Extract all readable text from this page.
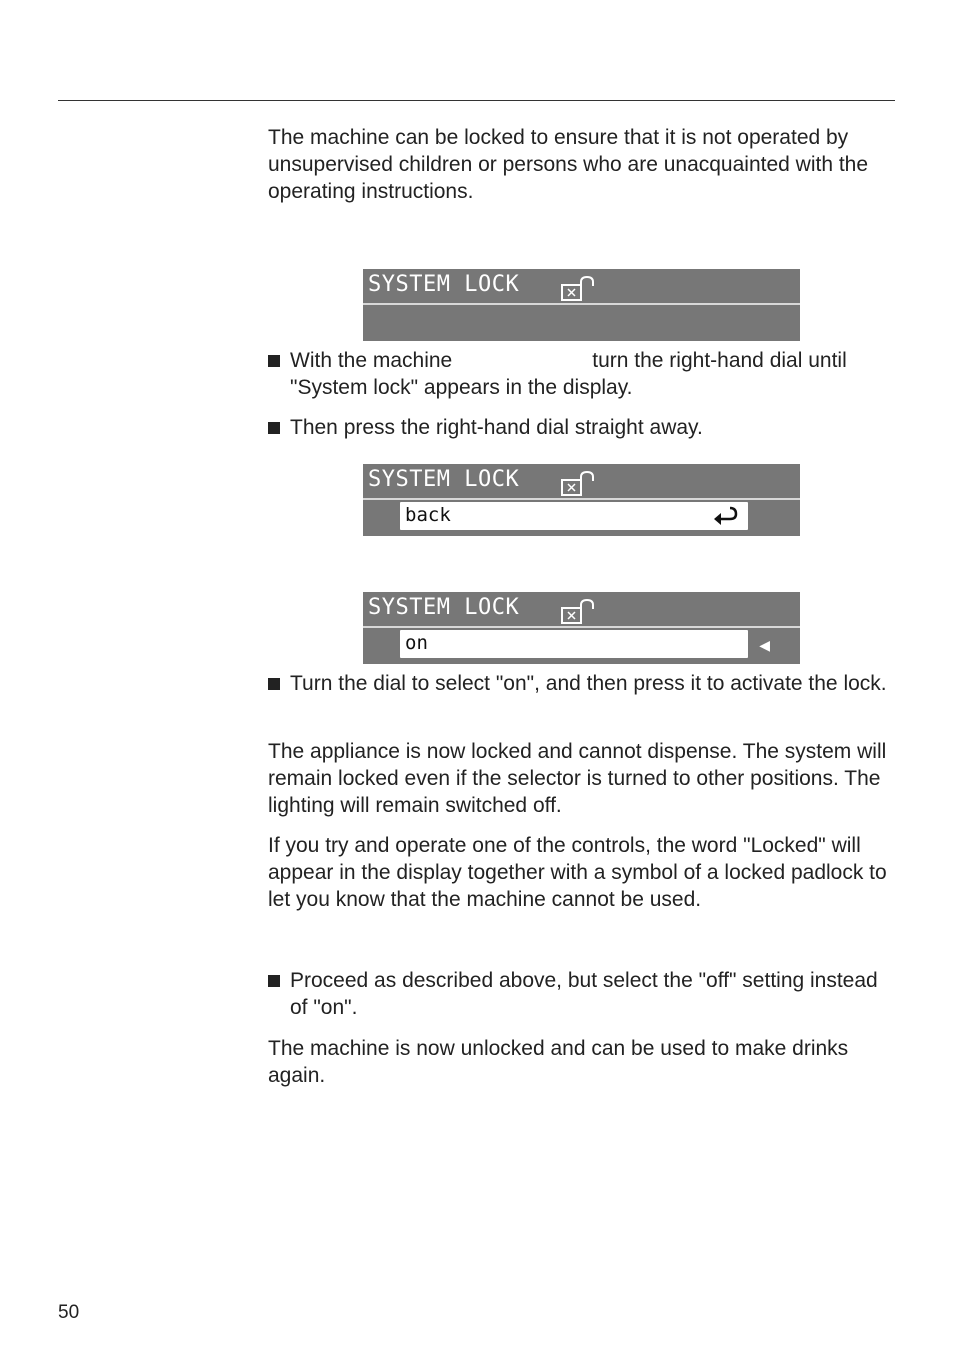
The machine can be locked to ensure that it is not operated by unsupervised children or persons who are unacquainted with the operating instructions.

SYSTEM LOCK
With the machine	turn the right-hand dial until "System lock" appears in the display.
Then press the right-hand dial straight away.
SYSTEM LOCK
back
SYSTEM LOCK
on	◀
Turn the dial to select "on", and then press it to activate the lock.

The appliance is now locked and cannot dispense. The system will remain locked even if the selector is turned to other positions. The lighting will remain switched off.

If you try and operate one of the controls, the word "Locked" will appear in the display together with a symbol of a locked padlock to let you know that the machine cannot be used.

Proceed as described above, but select the "off" setting instead of "on".

The machine is now unlocked and can be used to make drinks again.

50
